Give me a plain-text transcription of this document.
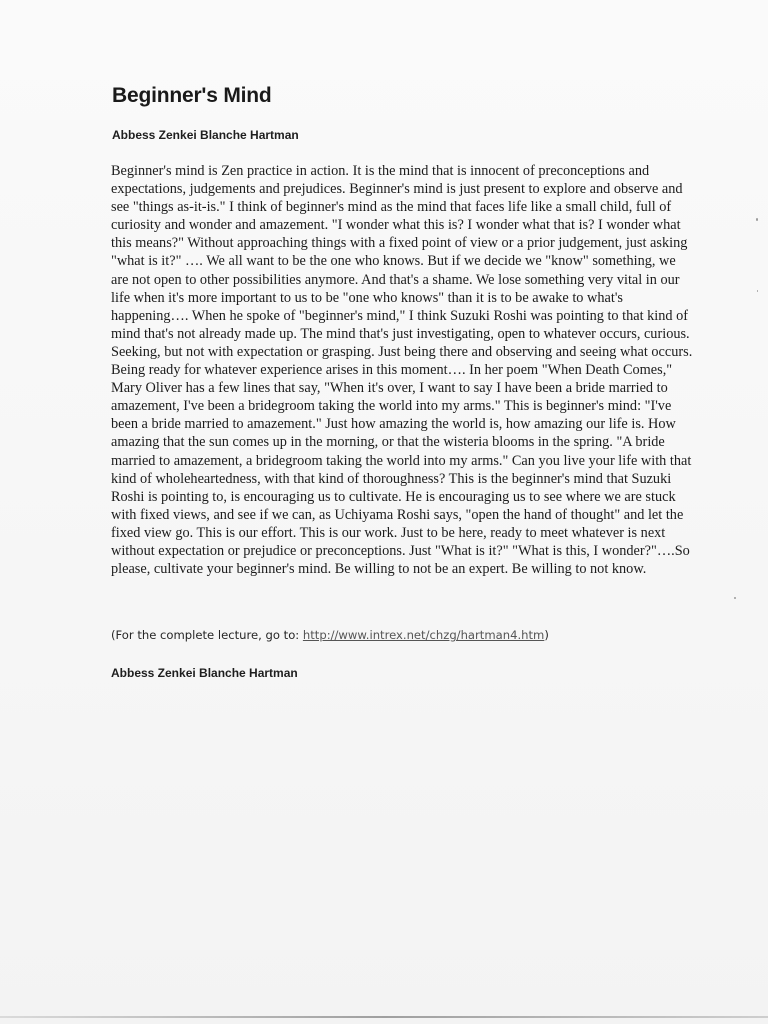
Beginner's Mind
Abbess Zenkei Blanche Hartman

Beginner's mind is Zen practice in action. It is the mind that is innocent of preconceptions and expectations, judgements and prejudices. Beginner's mind is just present to explore and observe and see "things as-it-is." I think of beginner's mind as the mind that faces life like a small child, full of curiosity and wonder and amazement. "I wonder what this is? I wonder what that is? I wonder what this means?" Without approaching things with a fixed point of view or a prior judgement, just asking "what is it?" …. We all want to be the one who knows. But if we decide we "know" something, we are not open to other possibilities anymore. And that's a shame. We lose something very vital in our life when it's more important to us to be "one who knows" than it is to be awake to what's happening…. When he spoke of "beginner's mind," I think Suzuki Roshi was pointing to that kind of mind that's not already made up. The mind that's just investigating, open to whatever occurs, curious. Seeking, but not with expectation or grasping. Just being there and observing and seeing what occurs. Being ready for whatever experience arises in this moment…. In her poem "When Death Comes," Mary Oliver has a few lines that say, "When it's over, I want to say I have been a bride married to amazement, I've been a bridegroom taking the world into my arms." This is beginner's mind: "I've been a bride married to amazement." Just how amazing the world is, how amazing our life is. How amazing that the sun comes up in the morning, or that the wisteria blooms in the spring. "A bride married to amazement, a bridegroom taking the world into my arms." Can you live your life with that kind of wholeheartedness, with that kind of thoroughness? This is the beginner's mind that Suzuki Roshi is pointing to, is encouraging us to cultivate. He is encouraging us to see where we are stuck with fixed views, and see if we can, as Uchiyama Roshi says, "open the hand of thought" and let the fixed view go. This is our effort. This is our work. Just to be here, ready to meet whatever is next without expectation or prejudice or preconceptions. Just "What is it?" "What is this, I wonder?"….So please, cultivate your beginner's mind. Be willing to not be an expert. Be willing to not know.

(For the complete lecture, go to: http://www.intrex.net/chzg/hartman4.htm)
Abbess Zenkei Blanche Hartman
